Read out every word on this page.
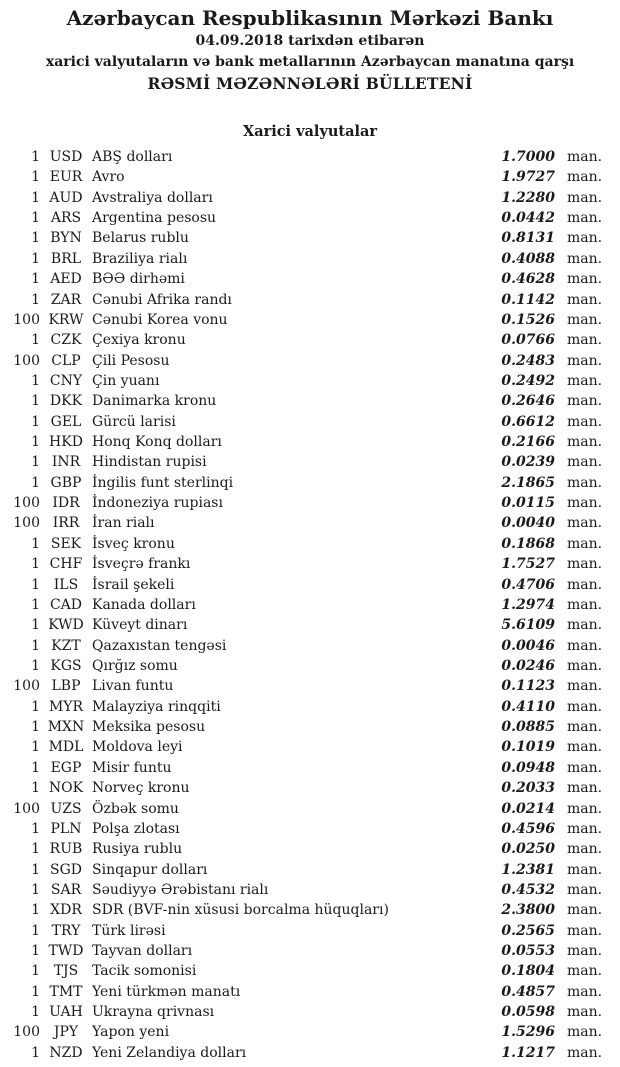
Azərbaycan Respublikasının Mərkəzi Bankı
04.09.2018 tarixdən etibarən
xarici valyutaların və bank metallarının Azərbaycan manatına qarşı
RƏSMİ MƏZƏNNƏLƏRİ BÜLLETENİ
Xarici valyutalar
1 USD ABŞ dolları	1.7000 man.
1 EUR Avro	1.9727 man.
1 AUD Avstraliya dolları	1.2280 man.
1 ARS Argentina pesosu	0.0442 man.
1 BYN Belarus rublu	0.8131 man.
1 BRL Braziliya rialı	0.4088 man.
1 AED BƏƏ dirhəmi	0.4628 man.
1 ZAR Cənubi Afrika randı	0.1142 man.
100 KRW Cənubi Korea vonu	0.1526 man.
1 CZK Çexiya kronu	0.0766 man.
100 CLP Çili Pesosu	0.2483 man.
1 CNY Çin yuanı	0.2492 man.
1 DKK Danimarka kronu	0.2646 man.
1 GEL Gürcü larisi	0.6612 man.
1 HKD Honq Konq dolları	0.2166 man.
1 INR Hindistan rupisi	0.0239 man.
1 GBP İngilis funt sterlinqi	2.1865 man.
100 IDR İndoneziya rupiası	0.0115 man.
100 IRR İran rialı	0.0040 man.
1 SEK İsveç kronu	0.1868 man.
1 CHF İsveçrə frankı	1.7527 man.
1 ILS İsrail şekeli	0.4706 man.
1 CAD Kanada dolları	1.2974 man.
1 KWD Küveyt dinarı	5.6109 man.
1 KZT Qazaxıstan tengəsi	0.0046 man.
1 KGS Qırğız somu	0.0246 man.
100 LBP Livan funtu	0.1123 man.
1 MYR Malayziya rinqqiti	0.4110 man.
1 MXN Meksika pesosu	0.0885 man.
1 MDL Moldova leyi	0.1019 man.
1 EGP Misir funtu	0.0948 man.
1 NOK Norveç kronu	0.2033 man.
100 UZS Özbək somu	0.0214 man.
1 PLN Polşa zlotası	0.4596 man.
1 RUB Rusiya rublu	0.0250 man.
1 SGD Sinqapur dolları	1.2381 man.
1 SAR Səudiyyə Ərəbistanı rialı	0.4532 man.
1 XDR SDR (BVF-nin xüsusi borcalma hüquqları)	2.3800 man.
1 TRY Türk lirəsi	0.2565 man.
1 TWD Tayvan dolları	0.0553 man.
1 TJS Tacik somonisi	0.1804 man.
1 TMT Yeni türkmən manatı	0.4857 man.
1 UAH Ukrayna qrivnası	0.0598 man.
100 JPY Yapon yeni	1.5296 man.
1 NZD Yeni Zelandiya dolları	1.1217 man.
